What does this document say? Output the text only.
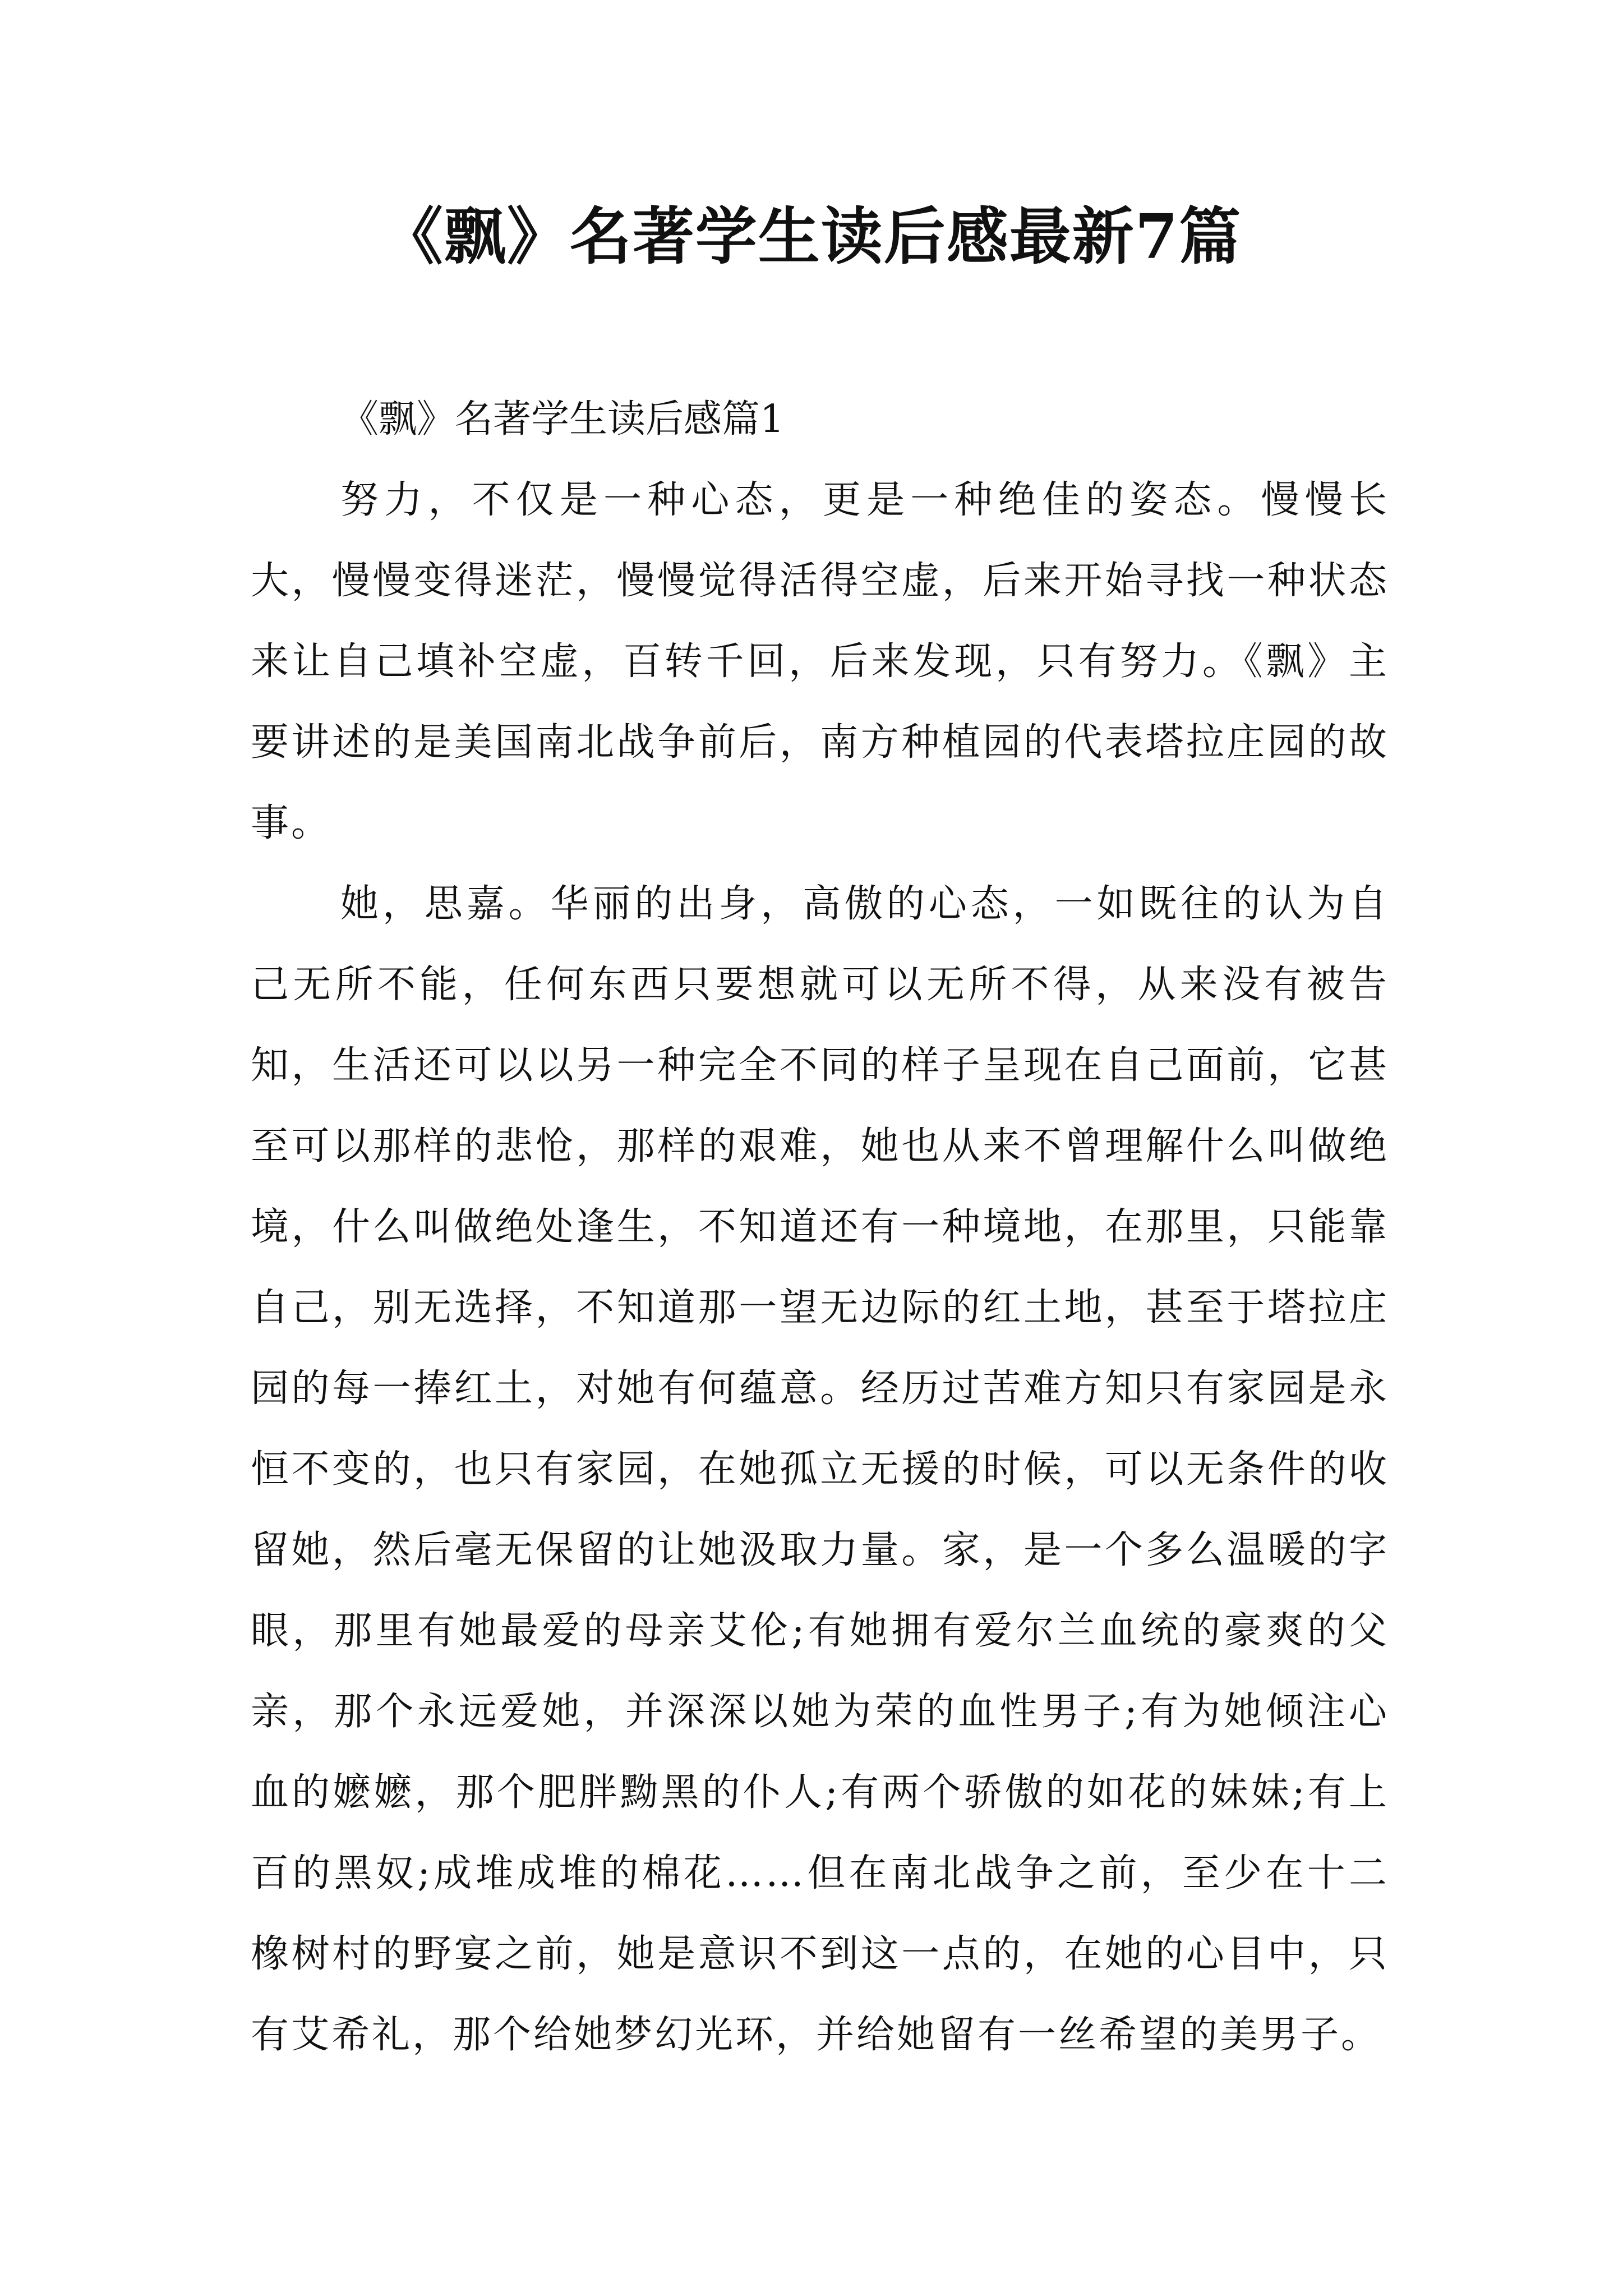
《飘》名著学生读后感最新7篇

《飘》名著学生读后感篇1

努力，不仅是一种心态，更是一种绝佳的姿态。慢慢长大，慢慢变得迷茫，慢慢觉得活得空虚，后来开始寻找一种状态来让自己填补空虚，百转千回，后来发现，只有努力。《飘》主要讲述的是美国南北战争前后，南方种植园的代表塔拉庄园的故事。

她，思嘉。华丽的出身，高傲的心态，一如既往的认为自己无所不能，任何东西只要想就可以无所不得，从来没有被告知，生活还可以以另一种完全不同的样子呈现在自己面前，它甚至可以那样的悲怆，那样的艰难，她也从来不曾理解什么叫做绝境，什么叫做绝处逢生，不知道还有一种境地，在那里，只能靠自己，别无选择，不知道那一望无边际的红土地，甚至于塔拉庄园的每一捧红土，对她有何蕴意。经历过苦难方知只有家园是永恒不变的，也只有家园，在她孤立无援的时候，可以无条件的收留她，然后毫无保留的让她汲取力量。家，是一个多么温暖的字眼，那里有她最爱的母亲艾伦;有她拥有爱尔兰血统的豪爽的父亲，那个永远爱她，并深深以她为荣的血性男子;有为她倾注心血的嬷嬷，那个肥胖黝黑的仆人;有两个骄傲的如花的妹妹;有上百的黑奴;成堆成堆的棉花……但在南北战争之前，至少在十二橡树村的野宴之前，她是意识不到这一点的，在她的心目中，只有艾希礼，那个给她梦幻光环，并给她留有一丝希望的美男子。
